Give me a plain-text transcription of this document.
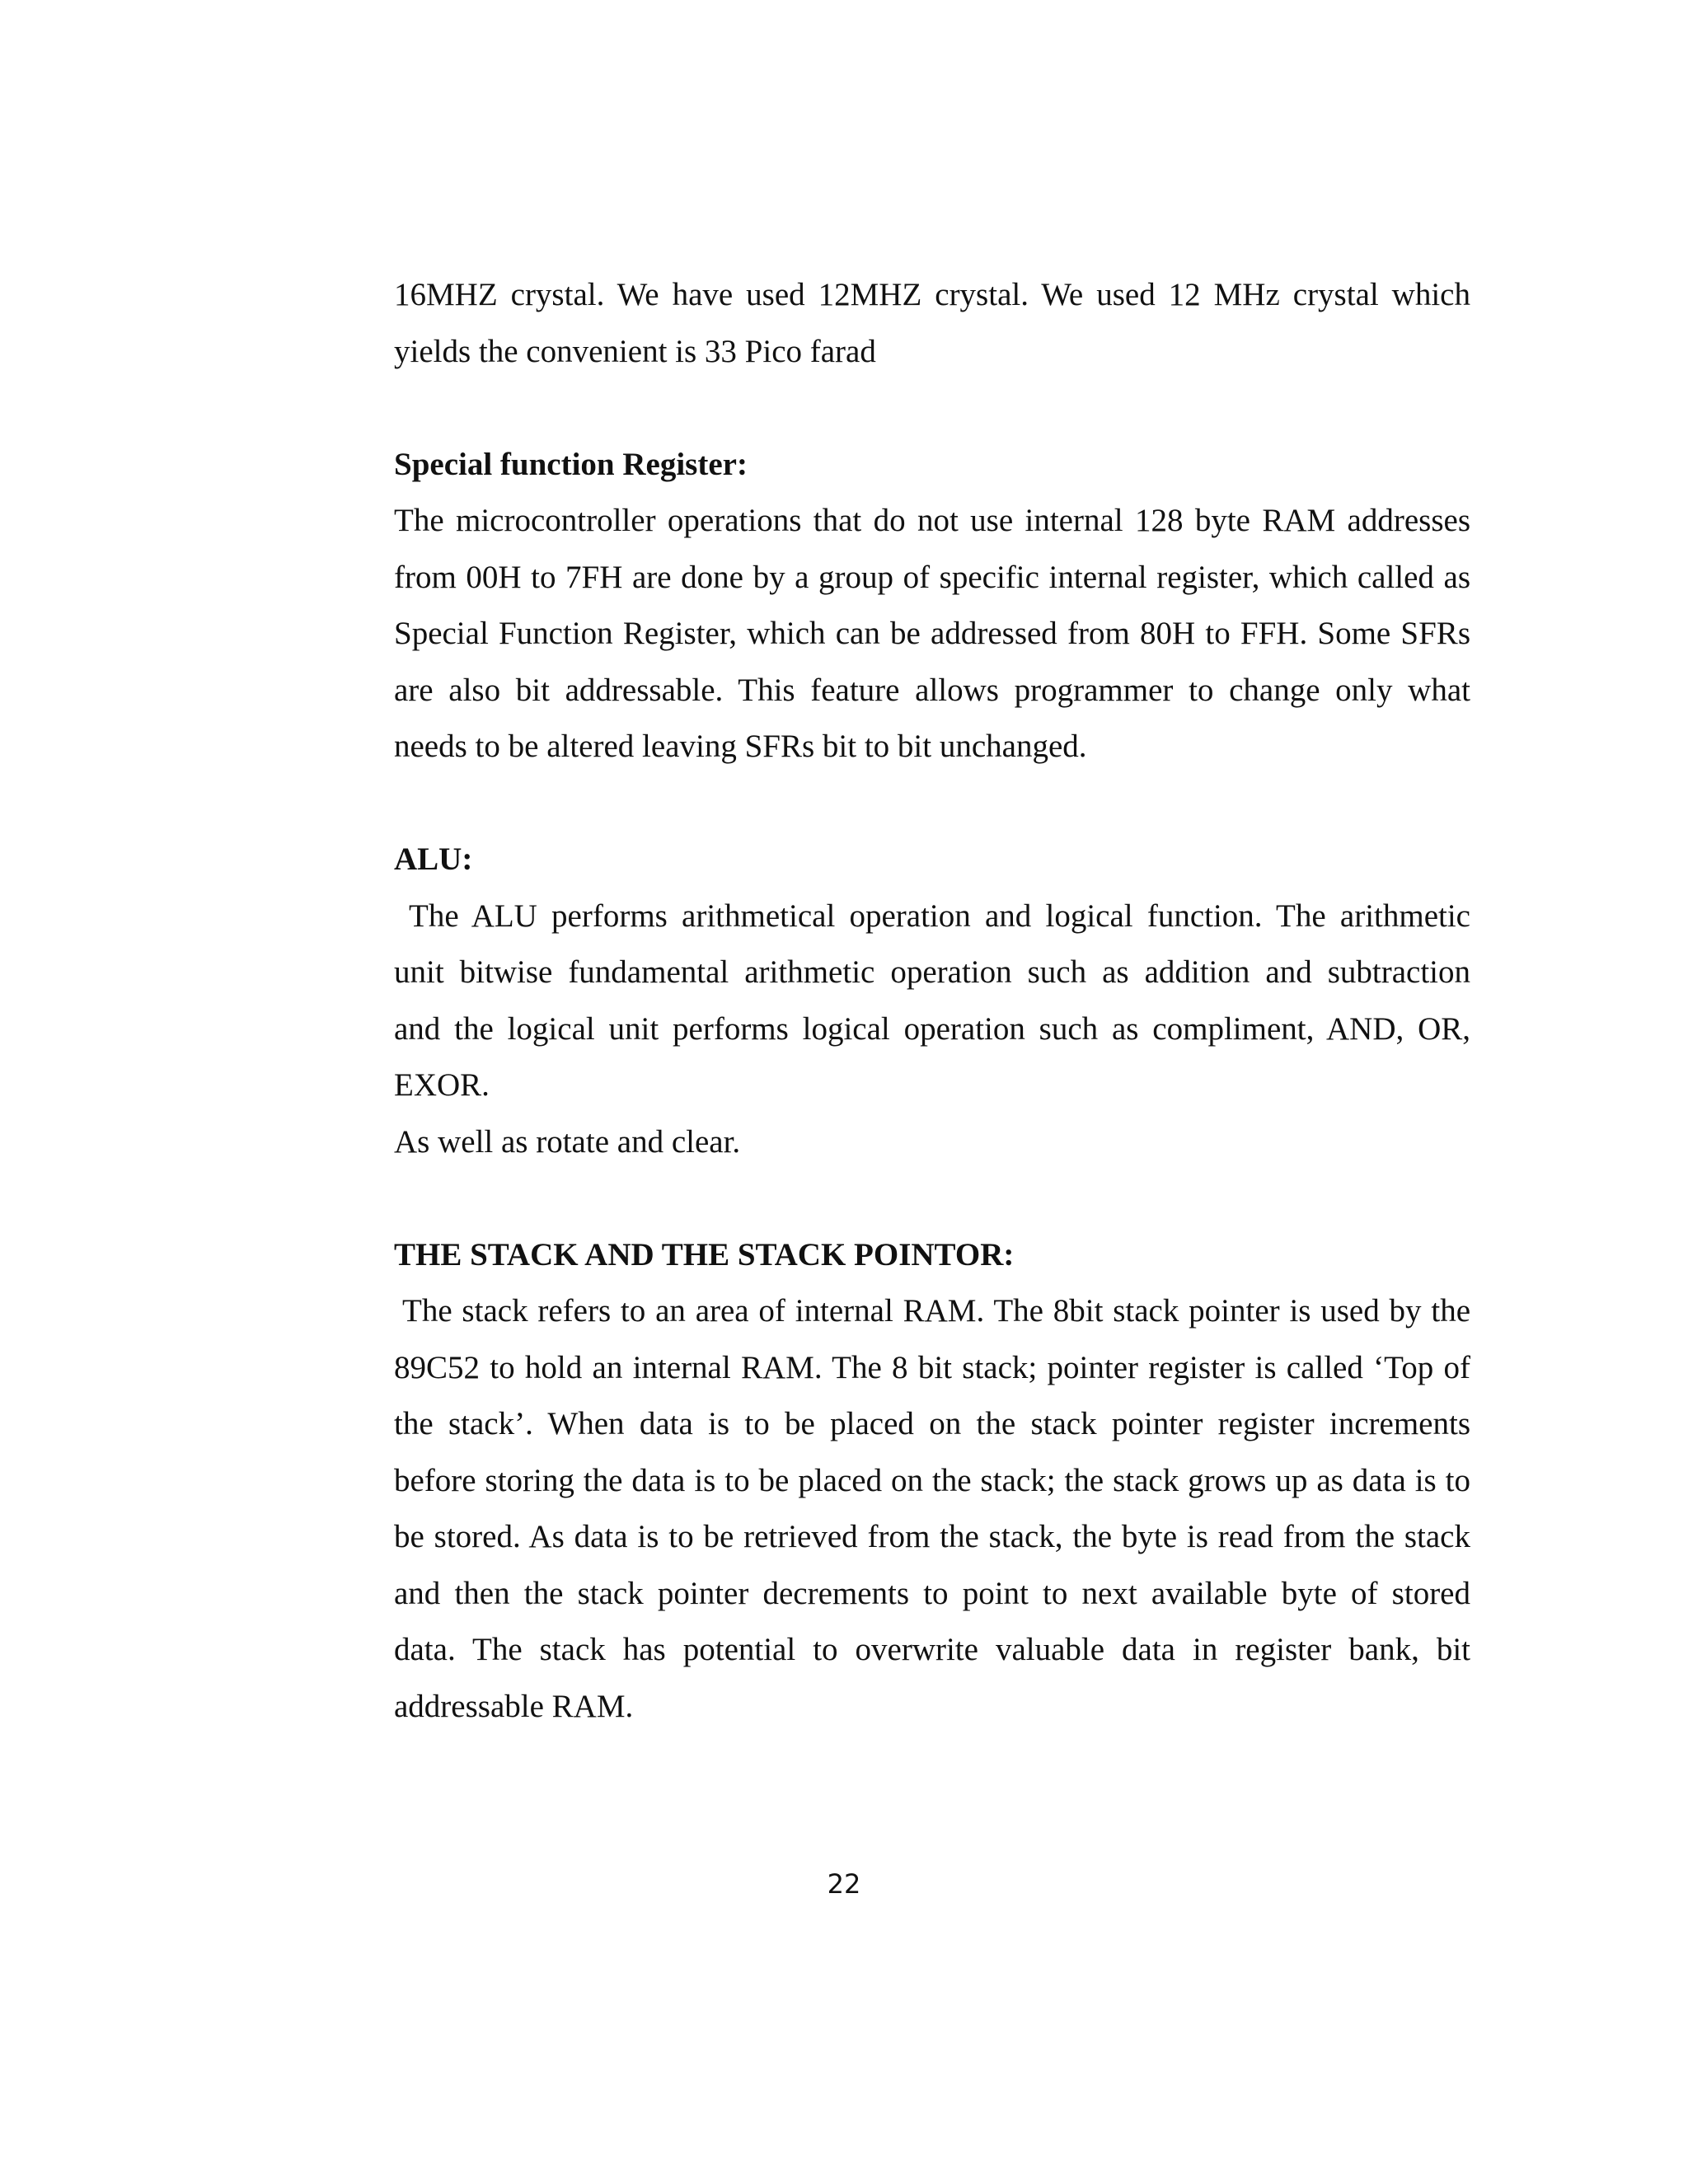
16MHZ crystal. We have used 12MHZ crystal. We used 12 MHz crystal which
yields the convenient is 33 Pico farad
Special function Register:
The microcontroller operations that do not use internal 128 byte RAM addresses
from 00H to 7FH are done by a group of specific internal register, which called as
Special Function Register, which can be addressed from 80H to FFH. Some SFRs
are also bit addressable. This feature allows programmer to change only what
needs to be altered leaving SFRs bit to bit unchanged.
ALU:
The ALU performs arithmetical operation and logical function. The arithmetic
unit bitwise fundamental arithmetic operation such as addition and subtraction
and the logical unit performs logical operation such as compliment, AND, OR,
EXOR.
As well as rotate and clear.
THE STACK AND THE STACK POINTOR:
The stack refers to an area of internal RAM. The 8bit stack pointer is used by the
89C52 to hold an internal RAM. The 8 bit stack; pointer register is called ‘Top of
the stack’. When data is to be placed on the stack pointer register increments
before storing the data is to be placed on the stack; the stack grows up as data is to
be stored. As data is to be retrieved from the stack, the byte is read from the stack
and then the stack pointer decrements to point to next available byte of stored
data. The stack has potential to overwrite valuable data in register bank, bit
addressable RAM.
22
